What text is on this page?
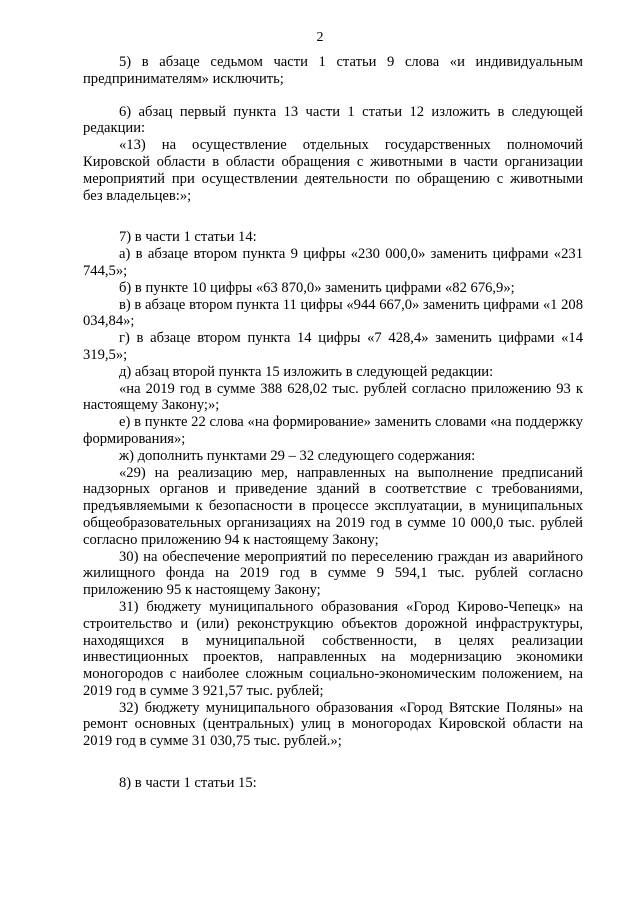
2

5) в абзаце седьмом части 1 статьи 9 слова «и индивидуальным предпринимателям» исключить;

6) абзац первый пункта 13 части 1 статьи 12 изложить в следующей редакции:

«13) на осуществление отдельных государственных полномочий Кировской области в области обращения с животными в части организации мероприятий при осуществлении деятельности по обращению с животными без владельцев:»;

7) в части 1 статьи 14:

а) в абзаце втором пункта 9 цифры «230 000,0» заменить цифрами «231 744,5»;

б) в пункте 10 цифры «63 870,0» заменить цифрами «82 676,9»;

в) в абзаце втором пункта 11 цифры «944 667,0» заменить цифрами «1 208 034,84»;

г) в абзаце втором пункта 14 цифры «7 428,4» заменить цифрами «14 319,5»;

д) абзац второй пункта 15 изложить в следующей редакции:

«на 2019 год в сумме 388 628,02 тыс. рублей согласно приложению 93 к настоящему Закону;»;

е) в пункте 22 слова «на формирование» заменить словами «на поддержку формирования»;

ж) дополнить пунктами 29 – 32 следующего содержания:

«29) на реализацию мер, направленных на выполнение предписаний надзорных органов и приведение зданий в соответствие с требованиями, предъявляемыми к безопасности в процессе эксплуатации, в муниципальных общеобразовательных организациях на 2019 год в сумме 10 000,0 тыс. рублей согласно приложению 94 к настоящему Закону;

30) на обеспечение мероприятий по переселению граждан из аварийного жилищного фонда на 2019 год в сумме 9 594,1 тыс. рублей согласно приложению 95 к настоящему Закону;

31) бюджету муниципального образования «Город Кирово-Чепецк» на строительство и (или) реконструкцию объектов дорожной инфраструктуры, находящихся в муниципальной собственности, в целях реализации инвестиционных проектов, направленных на модернизацию экономики моногородов с наиболее сложным социально-экономическим положением, на 2019 год в сумме 3 921,57 тыс. рублей;

32) бюджету муниципального образования «Город Вятские Поляны» на ремонт основных (центральных) улиц в моногородах Кировской области на 2019 год в сумме 31 030,75 тыс. рублей.»;

8) в части 1 статьи 15:
